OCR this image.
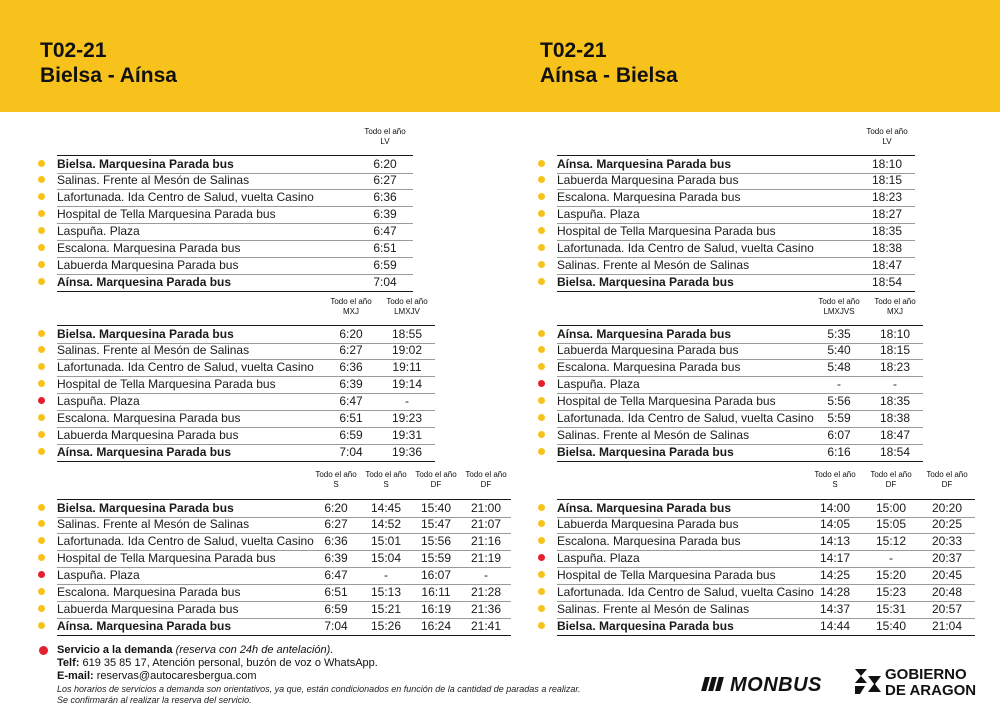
T02-21
Bielsa - Aínsa
T02-21
Aínsa - Bielsa
Todo el año
LV
Bielsa. Marquesina Parada bus	6:20
Salinas. Frente al Mesón de Salinas	6:27
Lafortunada. Ida Centro de Salud, vuelta Casino	6:36
Hospital de Tella Marquesina Parada bus	6:39
Laspuña. Plaza	6:47
Escalona. Marquesina Parada bus	6:51
Labuerda Marquesina Parada bus	6:59
Aínsa. Marquesina Parada bus	7:04
Todo el año
MXJ
Todo el año
LMXJV
Bielsa. Marquesina Parada bus	6:20	18:55
Salinas. Frente al Mesón de Salinas	6:27	19:02
Lafortunada. Ida Centro de Salud, vuelta Casino	6:36	19:11
Hospital de Tella Marquesina Parada bus	6:39	19:14
Laspuña. Plaza	6:47	-
Escalona. Marquesina Parada bus	6:51	19:23
Labuerda Marquesina Parada bus	6:59	19:31
Aínsa. Marquesina Parada bus	7:04	19:36
Todo el año
S
Todo el año
S
Todo el año
DF
Todo el año
DF
Bielsa. Marquesina Parada bus	6:20	14:45	15:40	21:00
Salinas. Frente al Mesón de Salinas	6:27	14:52	15:47	21:07
Lafortunada. Ida Centro de Salud, vuelta Casino 6:36	15:01	15:56	21:16
Hospital de Tella Marquesina Parada bus	6:39	15:04	15:59	21:19
Laspuña. Plaza	6:47	-	16:07	-
Escalona. Marquesina Parada bus	6:51	15:13	16:11	21:28
Labuerda Marquesina Parada bus	6:59	15:21	16:19	21:36
Aínsa. Marquesina Parada bus	7:04	15:26	16:24	21:41
Todo el año
LV
Aínsa. Marquesina Parada bus	18:10
Labuerda Marquesina Parada bus	18:15
Escalona. Marquesina Parada bus	18:23
Laspuña. Plaza	18:27
Hospital de Tella Marquesina Parada bus	18:35
Lafortunada. Ida Centro de Salud, vuelta Casino	18:38
Salinas. Frente al Mesón de Salinas	18:47
Bielsa. Marquesina Parada bus	18:54
Todo el año
LMXJVS
Todo el año
MXJ
Aínsa. Marquesina Parada bus	5:35	18:10
Labuerda Marquesina Parada bus	5:40	18:15
Escalona. Marquesina Parada bus	5:48	18:23
Laspuña. Plaza	-	-
Hospital de Tella Marquesina Parada bus	5:56	18:35
Lafortunada. Ida Centro de Salud, vuelta Casino	5:59	18:38
Salinas. Frente al Mesón de Salinas	6:07	18:47
Bielsa. Marquesina Parada bus	6:16	18:54
Todo el año
S
Todo el año
DF
Todo el año
DF
Aínsa. Marquesina Parada bus	14:00	15:00	20:20
Labuerda Marquesina Parada bus	14:05	15:05	20:25
Escalona. Marquesina Parada bus	14:13	15:12	20:33
Laspuña. Plaza	14:17	-	20:37
Hospital de Tella Marquesina Parada bus	14:25	15:20	20:45
Lafortunada. Ida Centro de Salud, vuelta Casino 14:28	15:23	20:48
Salinas. Frente al Mesón de Salinas	14:37	15:31	20:57
Bielsa. Marquesina Parada bus	14:44	15:40	21:04
Servicio a la demanda (reserva con 24h de antelación).
Telf: 619 35 85 17, Atención personal, buzón de voz o WhatsApp.
E-mail: reservas@autocaresbergua.com
Los horarios de servicios a demanda son orientativos, ya que, están condicionados en función de la cantidad de paradas a realizar.
Se confirmarán al realizar la reserva del servicio.
MONBUS	GOBIERNO
DE ARAGON
